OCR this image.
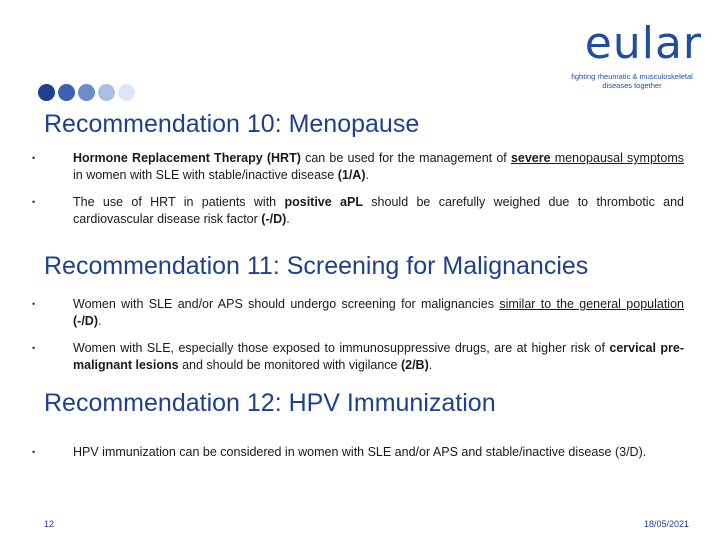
eular
fighting rheumatic & musculoskeletal
diseases together
Recommendation 10: Menopause
•	Hormone Replacement Therapy (HRT) can be used for the management of severe menopausal symptoms in women with SLE with stable/inactive disease (1/A).
•	The use of HRT in patients with positive aPL should be carefully weighed due to thrombotic and cardiovascular disease risk factor (-/D).
Recommendation 11: Screening for Malignancies
•	Women with SLE and/or APS should undergo screening for malignancies similar to the general population (-/D).
•	Women with SLE, especially those exposed to immunosuppressive drugs, are at higher risk of cervical pre-malignant lesions and should be monitored with vigilance (2/B).
Recommendation 12: HPV Immunization
•	HPV immunization can be considered in women with SLE and/or APS and stable/inactive disease (3/D).
12	18/05/2021
